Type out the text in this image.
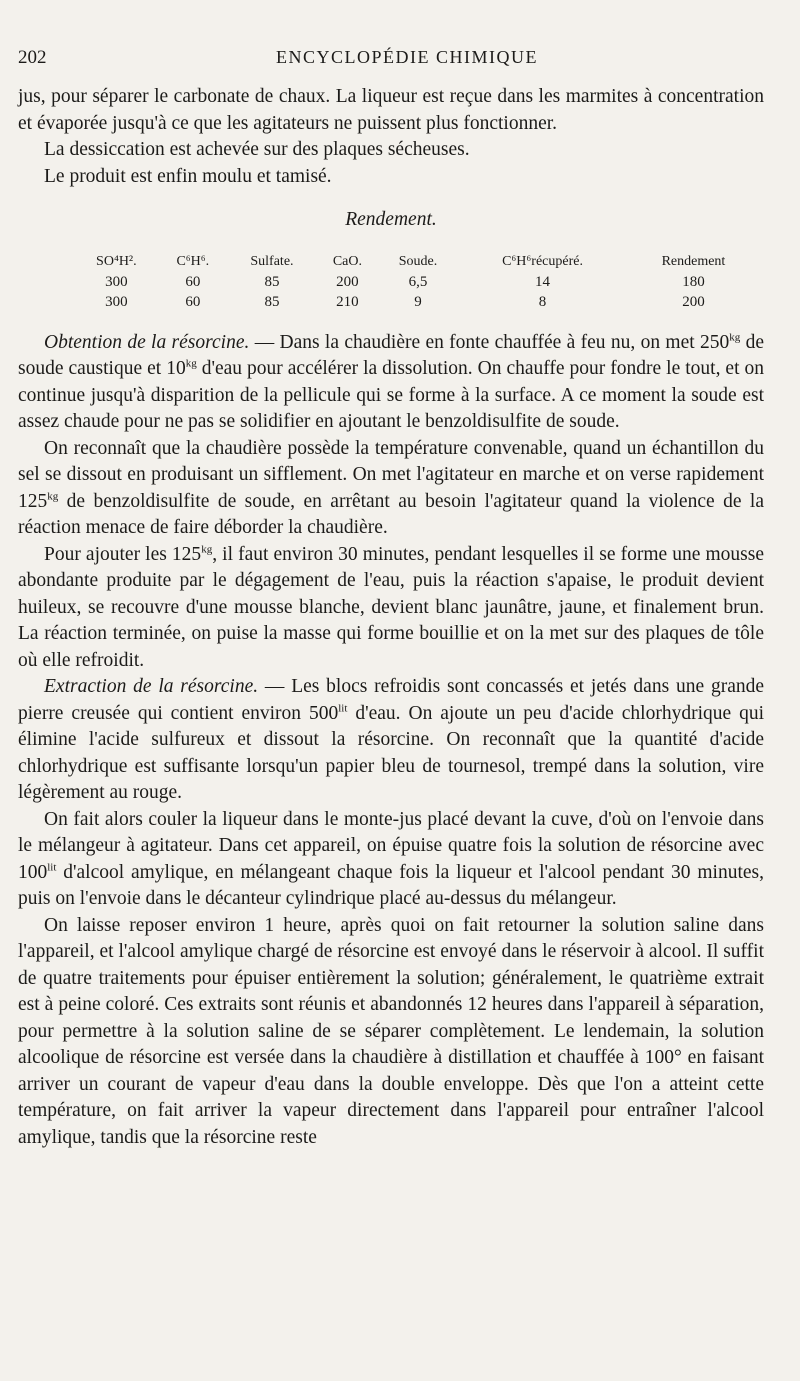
202	ENCYCLOPÉDIE CHIMIQUE

jus, pour séparer le carbonate de chaux. La liqueur est reçue dans les marmites à concentration et évaporée jusqu'à ce que les agitateurs ne puissent plus fonctionner.

La dessiccation est achevée sur des plaques sécheuses.

Le produit est enfin moulu et tamisé.

Rendement.

SO⁴H².	C⁶H⁶.	Sulfate.	CaO.	Soude.	C⁶H⁶récupéré.	Rendement
300	60	85	200	6,5	14	180
300	60	85	210	9	8	200

Obtention de la résorcine. — Dans la chaudière en fonte chauffée à feu nu, on met $250^{kg}$ de soude caustique et $10^{kg}$ d'eau pour accélérer la dissolution. On chauffe pour fondre le tout, et on continue jusqu'à disparition de la pellicule qui se forme à la surface. A ce moment la soude est assez chaude pour ne pas se solidifier en ajoutant le benzoldisulfite de soude.

On reconnaît que la chaudière possède la température convenable, quand un échantillon du sel se dissout en produisant un sifflement. On met l'agitateur en marche et on verse rapidement $125^{kg}$ de benzoldisulfite de soude, en arrêtant au besoin l'agitateur quand la violence de la réaction menace de faire déborder la chaudière.

Pour ajouter les $125^{kg}$, il faut environ 30 minutes, pendant lesquelles il se forme une mousse abondante produite par le dégagement de l'eau, puis la réaction s'apaise, le produit devient huileux, se recouvre d'une mousse blanche, devient blanc jaunâtre, jaune, et finalement brun. La réaction terminée, on puise la masse qui forme bouillie et on la met sur des plaques de tôle où elle refroidit.

Extraction de la résorcine. — Les blocs refroidis sont concassés et jetés dans une grande pierre creusée qui contient environ $500^{lit}$ d'eau. On ajoute un peu d'acide chlorhydrique qui élimine l'acide sulfureux et dissout la résorcine. On reconnaît que la quantité d'acide chlorhydrique est suffisante lorsqu'un papier bleu de tournesol, trempé dans la solution, vire légèrement au rouge.

On fait alors couler la liqueur dans le monte-jus placé devant la cuve, d'où on l'envoie dans le mélangeur à agitateur. Dans cet appareil, on épuise quatre fois la solution de résorcine avec $100^{lit}$ d'alcool amylique, en mélangeant chaque fois la liqueur et l'alcool pendant 30 minutes, puis on l'envoie dans le décanteur cylindrique placé au-dessus du mélangeur.

On laisse reposer environ 1 heure, après quoi on fait retourner la solution saline dans l'appareil, et l'alcool amylique chargé de résorcine est envoyé dans le réservoir à alcool. Il suffit de quatre traitements pour épuiser entièrement la solution; généralement, le quatrième extrait est à peine coloré. Ces extraits sont réunis et abandonnés 12 heures dans l'appareil à séparation, pour permettre à la solution saline de se séparer complètement. Le lendemain, la solution alcoolique de résorcine est versée dans la chaudière à distillation et chauffée à 100° en faisant arriver un courant de vapeur d'eau dans la double enveloppe. Dès que l'on a atteint cette température, on fait arriver la vapeur directement dans l'appareil pour entraîner l'alcool amylique, tandis que la résorcine reste
